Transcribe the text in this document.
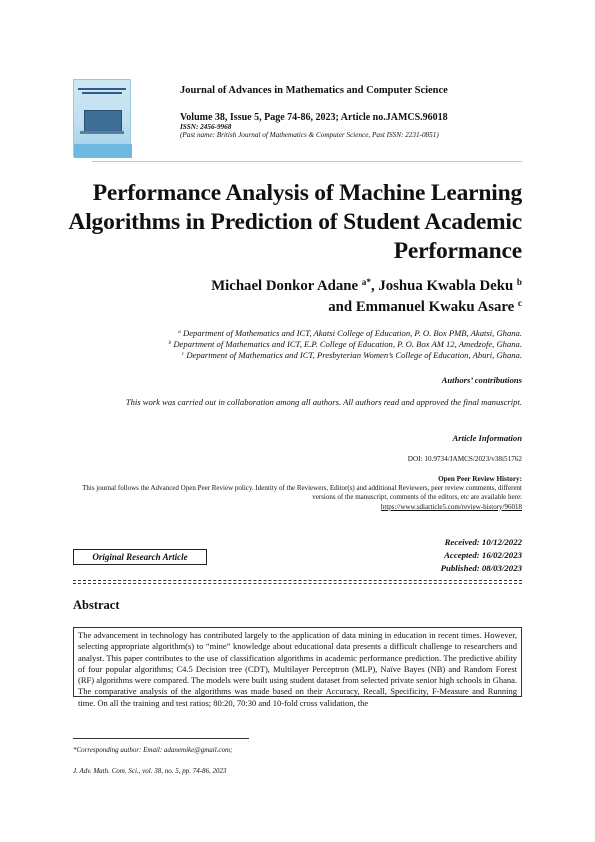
Journal of Advances in Mathematics and Computer Science
Volume 38, Issue 5, Page 74-86, 2023; Article no.JAMCS.96018
ISSN: 2456-9968
(Past name: British Journal of Mathematics & Computer Science, Past ISSN: 2231-0851)
Performance Analysis of Machine Learning Algorithms in Prediction of Student Academic Performance
Michael Donkor Adane $^{a*}$, Joshua Kwabla Deku $^b$
and Emmanuel Kwaku Asare $^c$
$^a$ Department of Mathematics and ICT, Akatsi College of Education, P. O. Box PMB, Akatsi, Ghana.
$^b$ Department of Mathematics and ICT, E.P. College of Education, P. O. Box AM 12, Amedzofe, Ghana.
$^c$ Department of Mathematics and ICT, Presbyterian Women’s College of Education, Aburi, Ghana.
Authors’ contributions
This work was carried out in collaboration among all authors. All authors read and approved the final manuscript.
Article Information
DOI: 10.9734/JAMCS/2023/v38i51762
Open Peer Review History:
This journal follows the Advanced Open Peer Review policy. Identity of the Reviewers, Editor(s) and additional Reviewers, peer review comments, different versions of the manuscript, comments of the editors, etc are available here:
https://www.sdiarticle5.com/review-history/96018
Original Research Article
Received: 10/12/2022
Accepted: 16/02/2023
Published: 08/03/2023
Abstract
The advancement in technology has contributed largely to the application of data mining in education in recent times. However, selecting appropriate algorithm(s) to “mine” knowledge about educational data presents a difficult challenge to researchers and analyst. This paper contributes to the use of classification algorithms in academic performance prediction. The predictive ability of four popular algorithms; C4.5 Decision tree (CDT), Multilayer Perceptron (MLP), Naïve Bayes (NB) and Random Forest (RF) algorithms were compared. The models were built using student dataset from selected private senior high schools in Ghana. The comparative analysis of the algorithms was made based on their Accuracy, Recall, Specificity, F-Measure and Running time. On all the training and test ratios; 80:20, 70:30 and 10-fold cross validation, the
*Corresponding author: Email: adanemike@gmail.com;
J. Adv. Math. Com. Sci., vol. 38, no. 5, pp. 74-86, 2023
